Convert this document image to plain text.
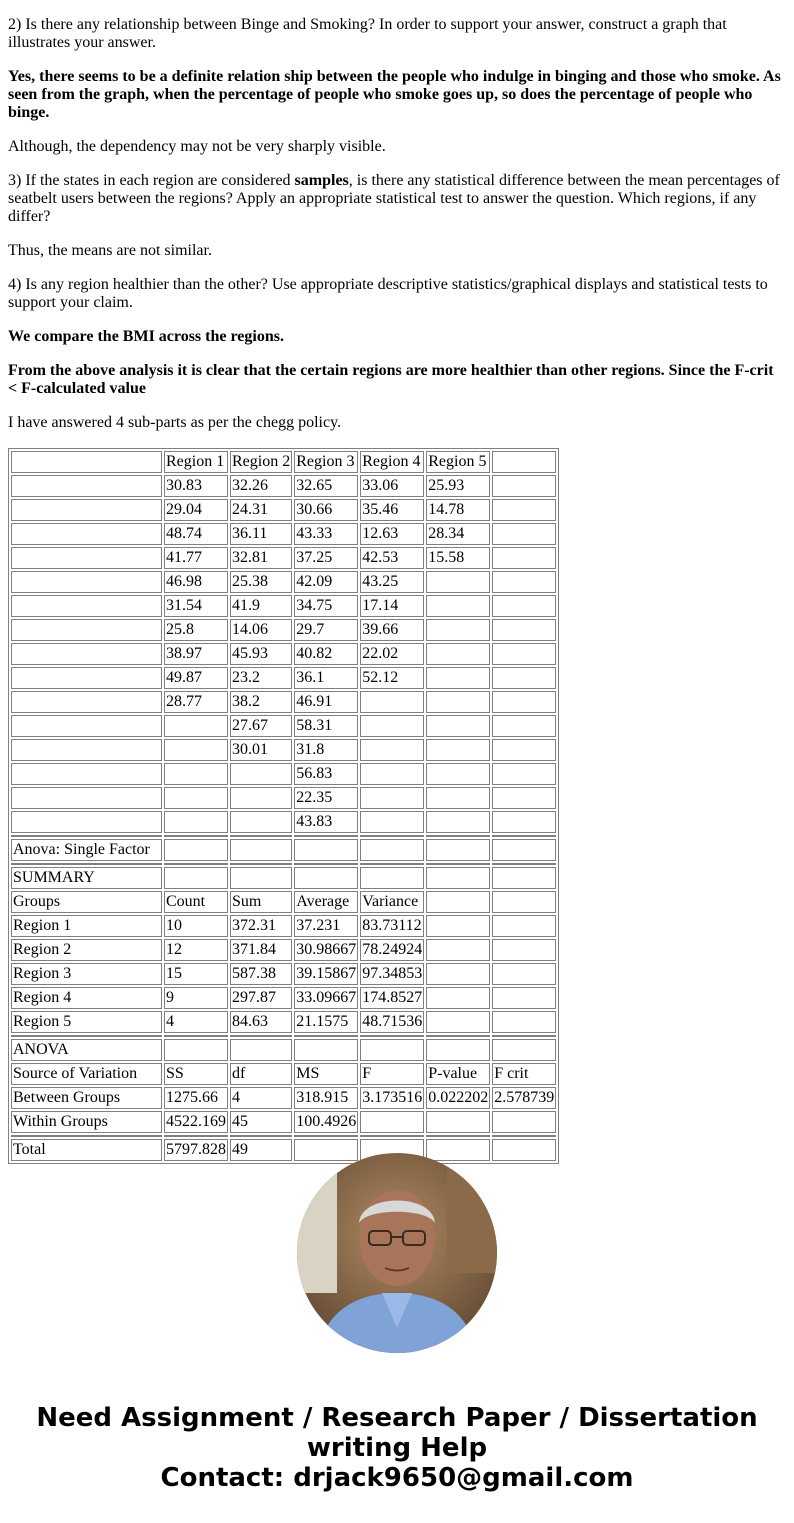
2) Is there any relationship between Binge and Smoking? In order to support your answer, construct a graph that illustrates your answer.

Yes, there seems to be a definite relation ship between the people who indulge in binging and those who smoke. As seen from the graph, when the percentage of people who smoke goes up, so does the percentage of people who binge.

Although, the dependency may not be very sharply visible.

3) If the states in each region are considered samples, is there any statistical difference between the mean percentages of seatbelt users between the regions? Apply an appropriate statistical test to answer the question. Which regions, if any differ?

Thus, the means are not similar.

4) Is any region healthier than the other? Use appropriate descriptive statistics/graphical displays and statistical tests to support your claim.

We compare the BMI across the regions.

From the above analysis it is clear that the certain regions are more healthier than other regions. Since the F-crit < F-calculated value

I have answered 4 sub-parts as per the chegg policy.

	Region 1	Region 2	Region 3	Region 4	Region 5	
	30.83	32.26	32.65	33.06	25.93	
	29.04	24.31	30.66	35.46	14.78	
	48.74	36.11	43.33	12.63	28.34	
	41.77	32.81	37.25	42.53	15.58	
	46.98	25.38	42.09	43.25		
	31.54	41.9	34.75	17.14		
	25.8	14.06	29.7	39.66		
	38.97	45.93	40.82	22.02		
	49.87	23.2	36.1	52.12		
	28.77	38.2	46.91			
		27.67	58.31			
		30.01	31.8			
			56.83			
			22.35			
			43.83			

Anova: Single Factor						

SUMMARY						
Groups	Count	Sum	Average	Variance		
Region 1	10	372.31	37.231	83.73112		
Region 2	12	371.84	30.98667	78.24924		
Region 3	15	587.38	39.15867	97.34853		
Region 4	9	297.87	33.09667	174.8527		
Region 5	4	84.63	21.1575	48.71536		

ANOVA						
Source of Variation	SS	df	MS	F	P-value	F crit
Between Groups	1275.66	4	318.915	3.173516	0.022202	2.578739
Within Groups	4522.169	45	100.4926			

Total	5797.828	49				
Need Assignment / Research Paper / Dissertation
writing Help
Contact: drjack9650@gmail.com
